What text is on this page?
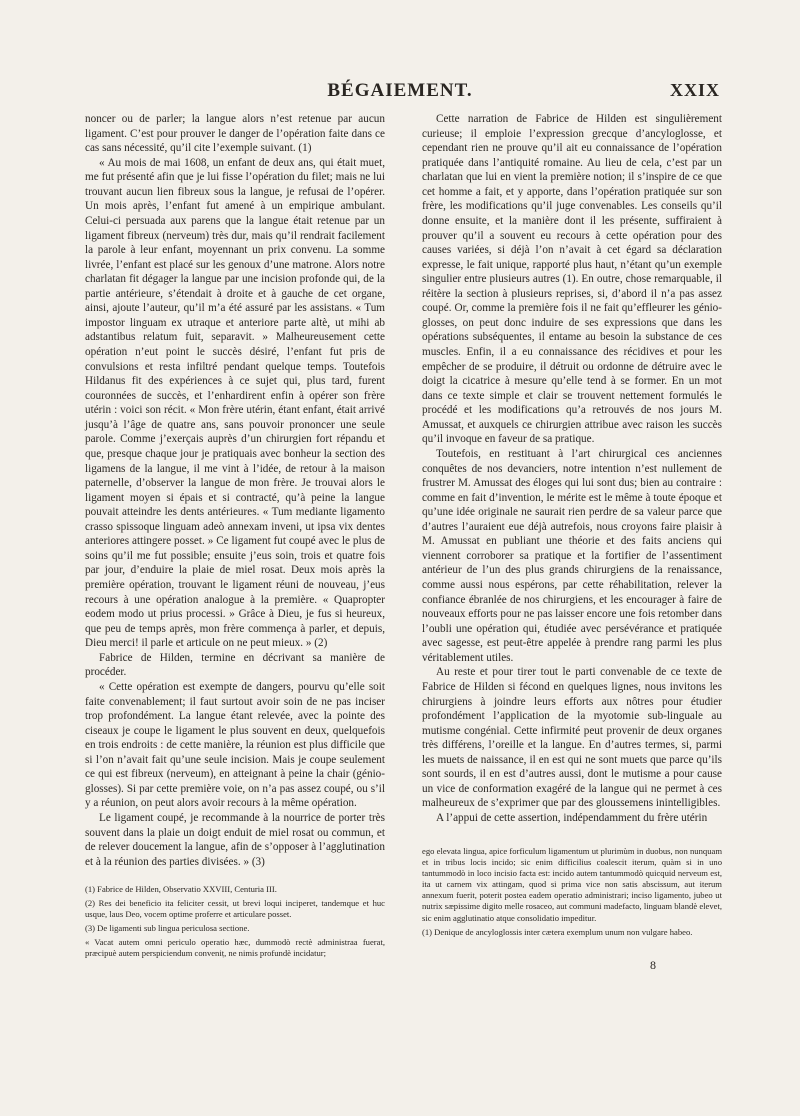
BÉGAIEMENT.	XXIX

noncer ou de parler; la langue alors n’est retenue par aucun ligament. C’est pour prouver le danger de l’opération faite dans ce cas sans nécessité, qu’il cite l’exemple suivant. (1)

« Au mois de mai 1608, un enfant de deux ans, qui était muet, me fut présenté afin que je lui fisse l’opération du filet; mais ne lui trouvant aucun lien fibreux sous la langue, je refusai de l’opérer. Un mois après, l’enfant fut amené à un empirique ambulant. Celui-ci persuada aux parens que la langue était retenue par un ligament fibreux (nerveum) très dur, mais qu’il rendrait facilement la parole à leur enfant, moyennant un prix convenu. La somme livrée, l’enfant est placé sur les genoux d’une matrone. Alors notre charlatan fit dégager la langue par une incision profonde qui, de la partie antérieure, s’étendait à droite et à gauche de cet organe, ainsi, ajoute l’auteur, qu’il m’a été assuré par les assistans. « Tum impostor linguam ex utraque et anteriore parte altè, ut mihi ab adstantibus relatum fuit, separavit. » Malheureusement cette opération n’eut point le succès désiré, l’enfant fut pris de convulsions et resta infiltré pendant quelque temps. Toutefois Hildanus fit des expériences à ce sujet qui, plus tard, furent couronnées de succès, et l’enhardirent enfin à opérer son frère utérin : voici son récit. « Mon frère utérin, étant enfant, était arrivé jusqu’à l’âge de quatre ans, sans pouvoir prononcer une seule parole. Comme j’exerçais auprès d’un chirurgien fort répandu et que, presque chaque jour je pratiquais avec bonheur la section des ligamens de la langue, il me vint à l’idée, de retour à la maison paternelle, d’observer la langue de mon frère. Je trouvai alors le ligament moyen si épais et si contracté, qu’à peine la langue pouvait atteindre les dents antérieures. « Tum mediante ligamento crasso spissoque linguam adeò annexam inveni, ut ipsa vix dentes anteriores attingere posset. » Ce ligament fut coupé avec le plus de soins qu’il me fut possible; ensuite j’eus soin, trois et quatre fois par jour, d’enduire la plaie de miel rosat. Deux mois après la première opération, trouvant le ligament réuni de nouveau, j’eus recours à une opération analogue à la première. « Quapropter eodem modo ut prius processi. » Grâce à Dieu, je fus si heureux, que peu de temps après, mon frère commença à parler, et depuis, Dieu merci! il parle et articule on ne peut mieux. » (2)

Fabrice de Hilden, termine en décrivant sa manière de procéder.

« Cette opération est exempte de dangers, pourvu qu’elle soit faite convenablement; il faut surtout avoir soin de ne pas inciser trop profondément. La langue étant relevée, avec la pointe des ciseaux je coupe le ligament le plus souvent en deux, quelquefois en trois endroits : de cette manière, la réunion est plus difficile que si l’on n’avait fait qu’une seule incision. Mais je coupe seulement ce qui est fibreux (nerveum), en atteignant à peine la chair (génio-glosses). Si par cette première voie, on n’a pas assez coupé, ou s’il y a réunion, on peut alors avoir recours à la même opération.

Le ligament coupé, je recommande à la nourrice de porter très souvent dans la plaie un doigt enduit de miel rosat ou commun, et de relever doucement la langue, afin de s’opposer à l’agglutination et à la réunion des parties divisées. » (3)

(1) Fabrice de Hilden, Observatio XXVIII, Centuria III.

(2) Res dei beneficio ita feliciter cessit, ut brevi loqui inciperet, tandemque et huc usque, laus Deo, vocem optime proferre et articulare posset.

(3) De ligamenti sub lingua periculosa sectione.

« Vacat autem omni periculo operatio hæc, dummodò rectè administraa fuerat, præcipuè autem perspiciendum conveniṭ, ne nimis profundè incidatur;

Cette narration de Fabrice de Hilden est singulièrement curieuse; il emploie l’expression grecque d’ancyloglosse, et cependant rien ne prouve qu’il ait eu connaissance de l’opération pratiquée dans l’antiquité romaine. Au lieu de cela, c’est par un charlatan que lui en vient la première notion; il s’inspire de ce que cet homme a fait, et y apporte, dans l’opération pratiquée sur son frère, les modifications qu’il juge convenables. Les conseils qu’il donne ensuite, et la manière dont il les présente, suffiraient à prouver qu’il a souvent eu recours à cette opération pour des causes variées, si déjà l’on n’avait à cet égard sa déclaration expresse, le fait unique, rapporté plus haut, n’étant qu’un exemple singulier entre plusieurs autres (1). En outre, chose remarquable, il réitère la section à plusieurs reprises, si, d’abord il n’a pas assez coupé. Or, comme la première fois il ne fait qu’effleurer les génio-glosses, on peut donc induire de ses expressions que dans les opérations subséquentes, il entame au besoin la substance de ces muscles. Enfin, il a eu connaissance des récidives et pour les empêcher de se produire, il détruit ou ordonne de détruire avec le doigt la cicatrice à mesure qu’elle tend à se former. En un mot dans ce texte simple et clair se trouvent nettement formulés le procédé et les modifications qu’a retrouvés de nos jours M. Amussat, et auxquels ce chirurgien attribue avec raison les succès qu’il invoque en faveur de sa pratique.

Toutefois, en restituant à l’art chirurgical ces anciennes conquêtes de nos devanciers, notre intention n’est nullement de frustrer M. Amussat des éloges qui lui sont dus; bien au contraire : comme en fait d’invention, le mérite est le même à toute époque et qu’une idée originale ne saurait rien perdre de sa valeur parce que d’autres l’auraient eue déjà autrefois, nous croyons faire plaisir à M. Amussat en publiant une théorie et des faits anciens qui viennent corroborer sa pratique et la fortifier de l’assentiment antérieur de l’un des plus grands chirurgiens de la renaissance, comme aussi nous espérons, par cette réhabilitation, relever la confiance ébranlée de nos chirurgiens, et les encourager à faire de nouveaux efforts pour ne pas laisser encore une fois retomber dans l’oubli une opération qui, étudiée avec persévérance et pratiquée avec sagesse, est peut-être appelée à prendre rang parmi les plus véritablement utiles.

Au reste et pour tirer tout le parti convenable de ce texte de Fabrice de Hilden si fécond en quelques lignes, nous invitons les chirurgiens à joindre leurs efforts aux nôtres pour étudier profondément l’application de la myotomie sub-linguale au mutisme congénial. Cette infirmité peut provenir de deux organes très différens, l’oreille et la langue. En d’autres termes, si, parmi les muets de naissance, il en est qui ne sont muets que parce qu’ils sont sourds, il en est d’autres aussi, dont le mutisme a pour cause un vice de conformation exagéré de la langue qui ne permet à ces malheureux de s’exprimer que par des gloussemens inintelligibles.

A l’appui de cette assertion, indépendamment du frère utérin

ego elevata lingua, apice forficulum ligamentum ut plurimùm in duobus, non nunquam et in tribus locis incido; sic enim difficilius coalescit iterum, quàm si in uno tantummodò in loco incisio facta est: incido autem tantummodò quicquid nerveum est, ita ut carnem vix attingam, quod si prima vice non satis abscissum, aut iterum annexum fuerit, poterit postea eadem operatio administrari; inciso ligamento, jubeo ut nutrix sæpissime digito melle rosaceo, aut communi madefacto, linguam blandè elevet, sic enim agglutinatio atque consolidatio impeditur.

(1) Denique de ancyloglossis inter cætera exemplum unum non vulgare habeo.

8
